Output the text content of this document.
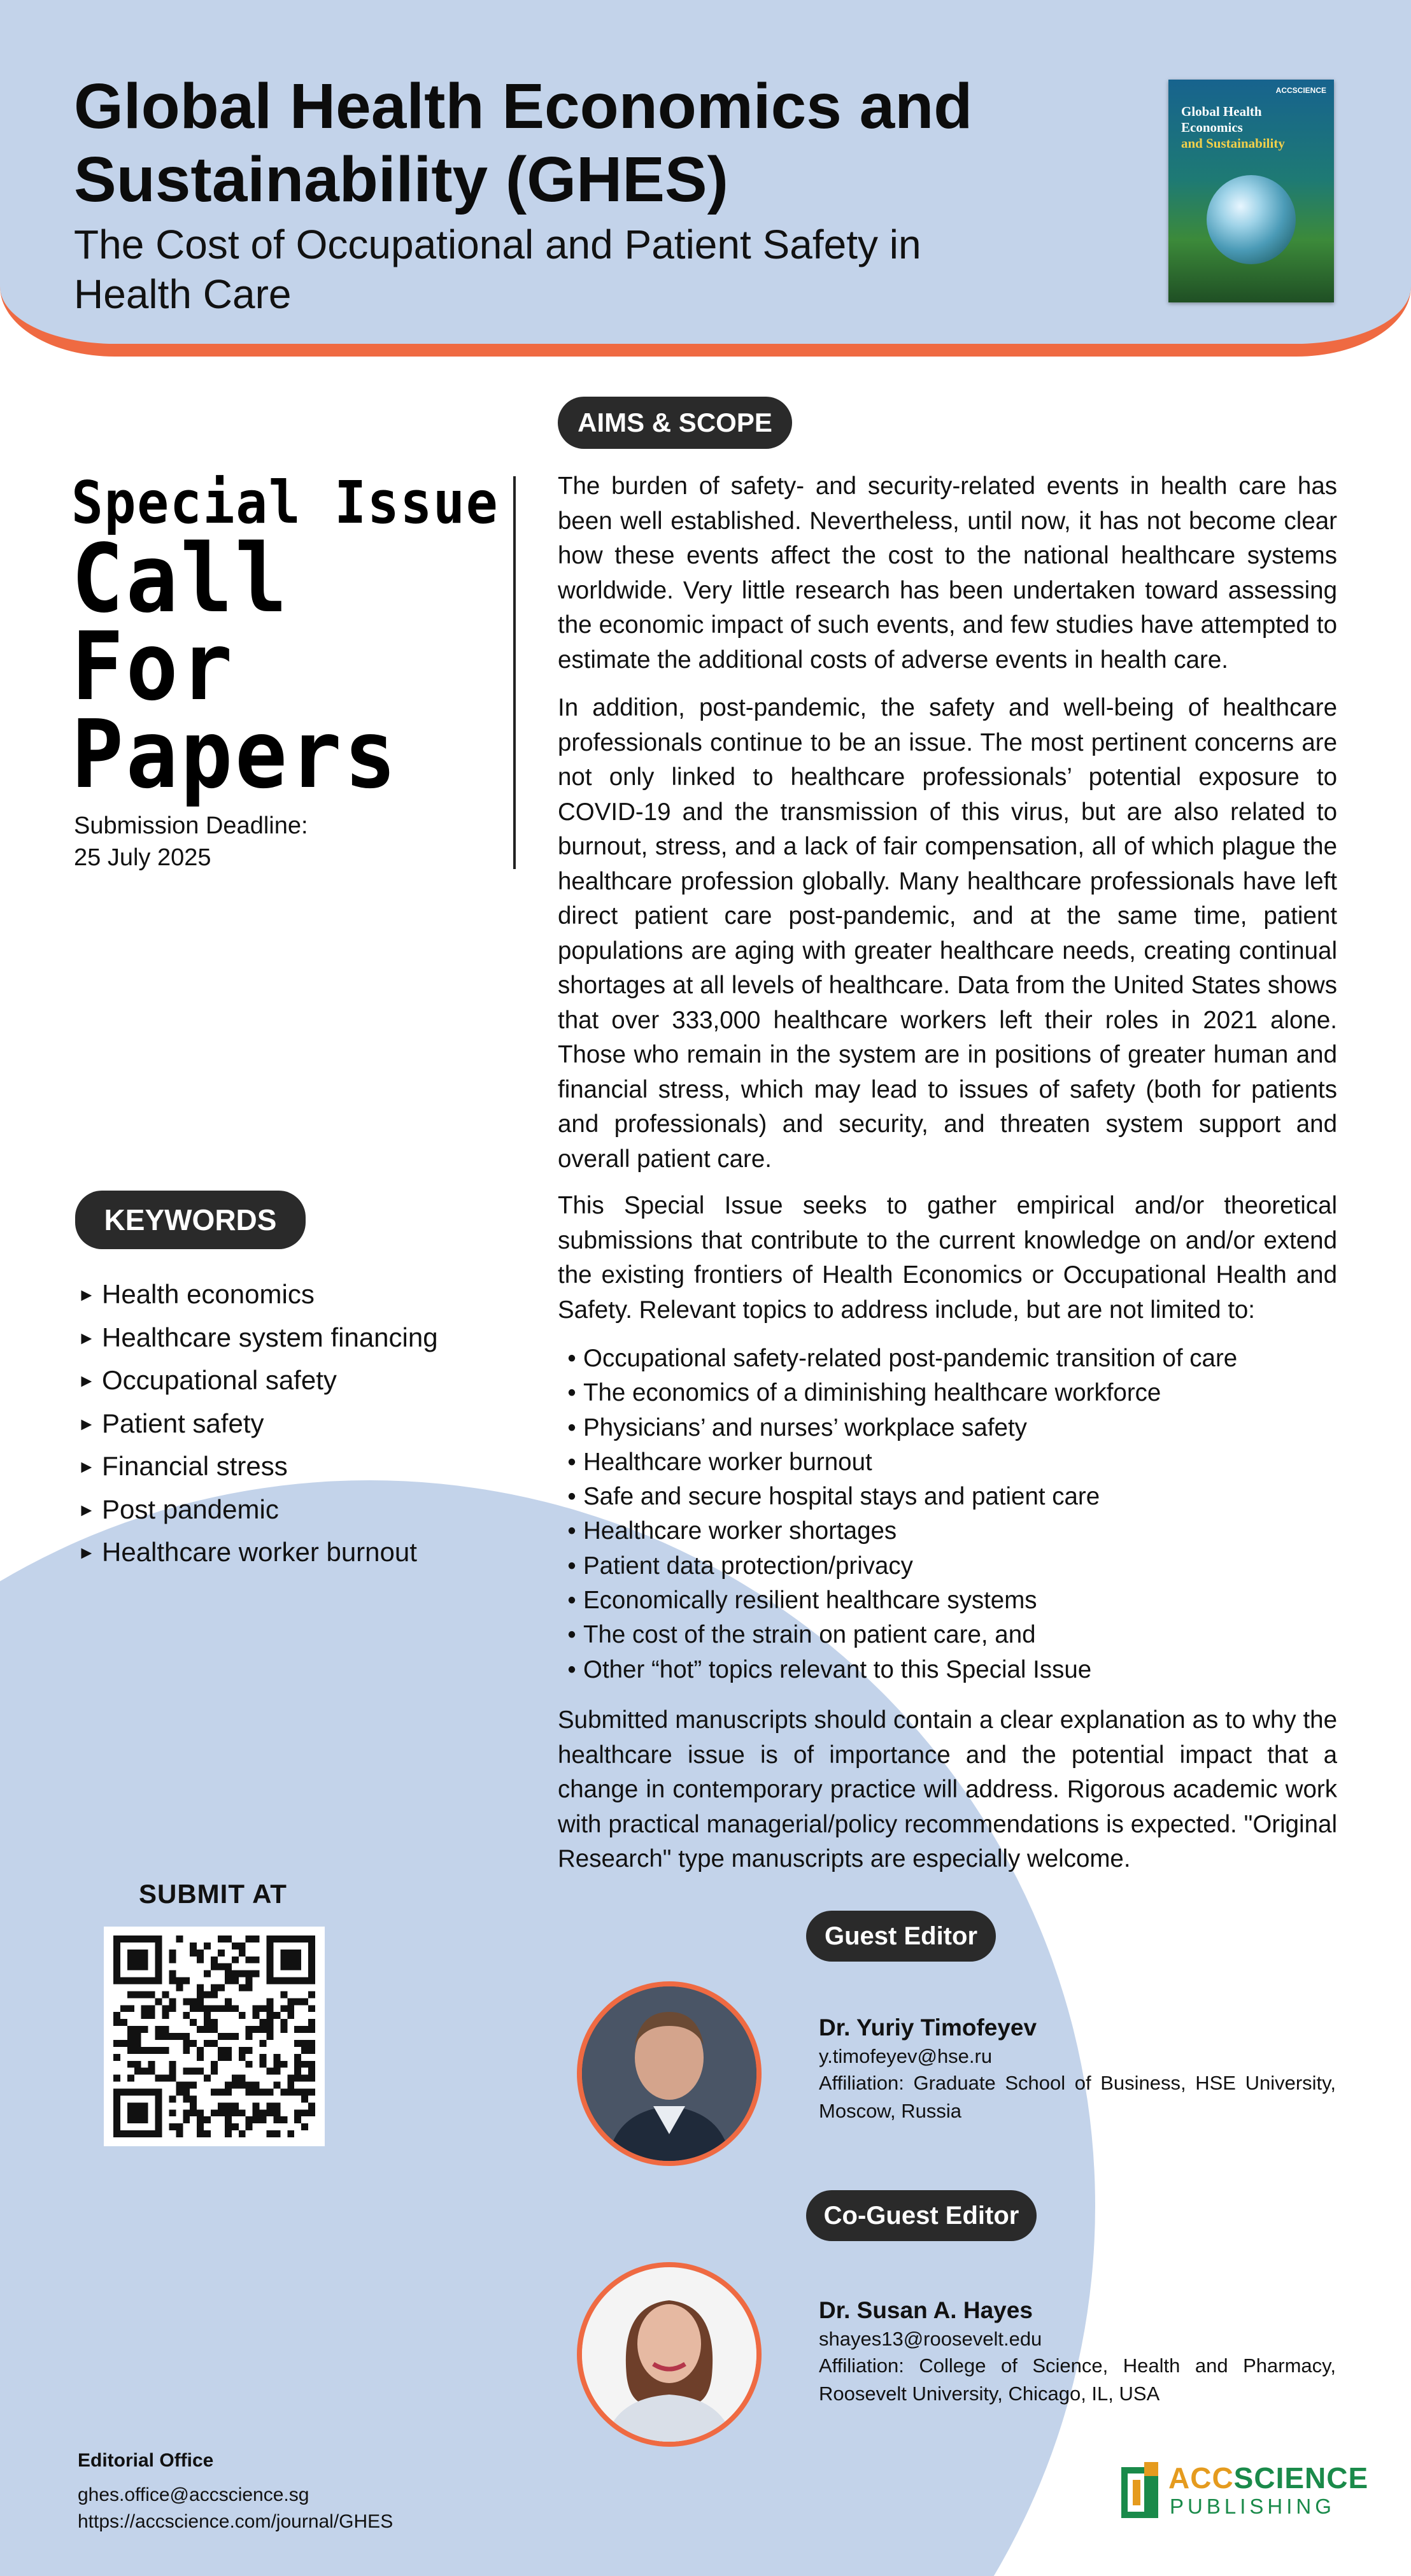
Global Health Economics and Sustainability (GHES)
The Cost of Occupational and Patient Safety in Health Care
ACCSCIENCE
Global Health Economics
and Sustainability
Special Issue
Call
For
Papers
Submission Deadline:
25 July 2025
AIMS & SCOPE

The burden of safety- and security-related events in health care has been well established. Nevertheless, until now, it has not become clear how these events affect the cost to the national healthcare systems worldwide. Very little research has been undertaken toward assessing the economic impact of such events, and few studies have attempted to estimate the additional costs of adverse events in health care.

In addition, post-pandemic, the safety and well-being of healthcare professionals continue to be an issue. The most pertinent concerns are not only linked to healthcare professionals’ potential exposure to COVID-19 and the transmission of this virus, but are also related to burnout, stress, and a lack of fair compensation, all of which plague the healthcare profession globally. Many healthcare professionals have left direct patient care post-pandemic, and at the same time, patient populations are aging with greater healthcare needs, creating continual shortages at all levels of healthcare. Data from the United States shows that over 333,000 healthcare workers left their roles in 2021 alone. Those who remain in the system are in positions of greater human and financial stress, which may lead to issues of safety (both for patients and professionals) and security, and threaten system support and overall patient care.

This Special Issue seeks to gather empirical and/or theoretical submissions that contribute to the current knowledge on and/or extend the existing frontiers of Health Economics or Occupational Health and Safety. Relevant topics to address include, but are not limited to:

• Occupational safety-related post-pandemic transition of care
• The economics of a diminishing healthcare workforce
• Physicians’ and nurses’ workplace safety
• Healthcare worker burnout
• Safe and secure hospital stays and patient care
• Healthcare worker shortages
• Patient data protection/privacy
• Economically resilient healthcare systems
• The cost of the strain on patient care, and
• Other “hot” topics relevant to this Special Issue

Submitted manuscripts should contain a clear explanation as to why the healthcare issue is of importance and the potential impact that a change in contemporary practice will address. Rigorous academic work with practical managerial/policy recommendations is expected. "Original Research" type manuscripts are especially welcome.

KEYWORDS
► Health economics
► Healthcare system financing
► Occupational safety
► Patient safety
► Financial stress
► Post pandemic
► Healthcare worker burnout
SUBMIT AT
Guest Editor
Dr. Yuriy Timofeyev
y.timofeyev@hse.ru
Affiliation: Graduate School of Business, HSE University, Moscow, Russia
Co-Guest Editor
Dr. Susan A. Hayes
shayes13@roosevelt.edu
Affiliation: College of Science, Health and Pharmacy, Roosevelt University, Chicago, IL, USA
Editorial Office
ghes.office@accscience.sg
https://accscience.com/journal/GHES
ACCSCIENCE
PUBLISHING
